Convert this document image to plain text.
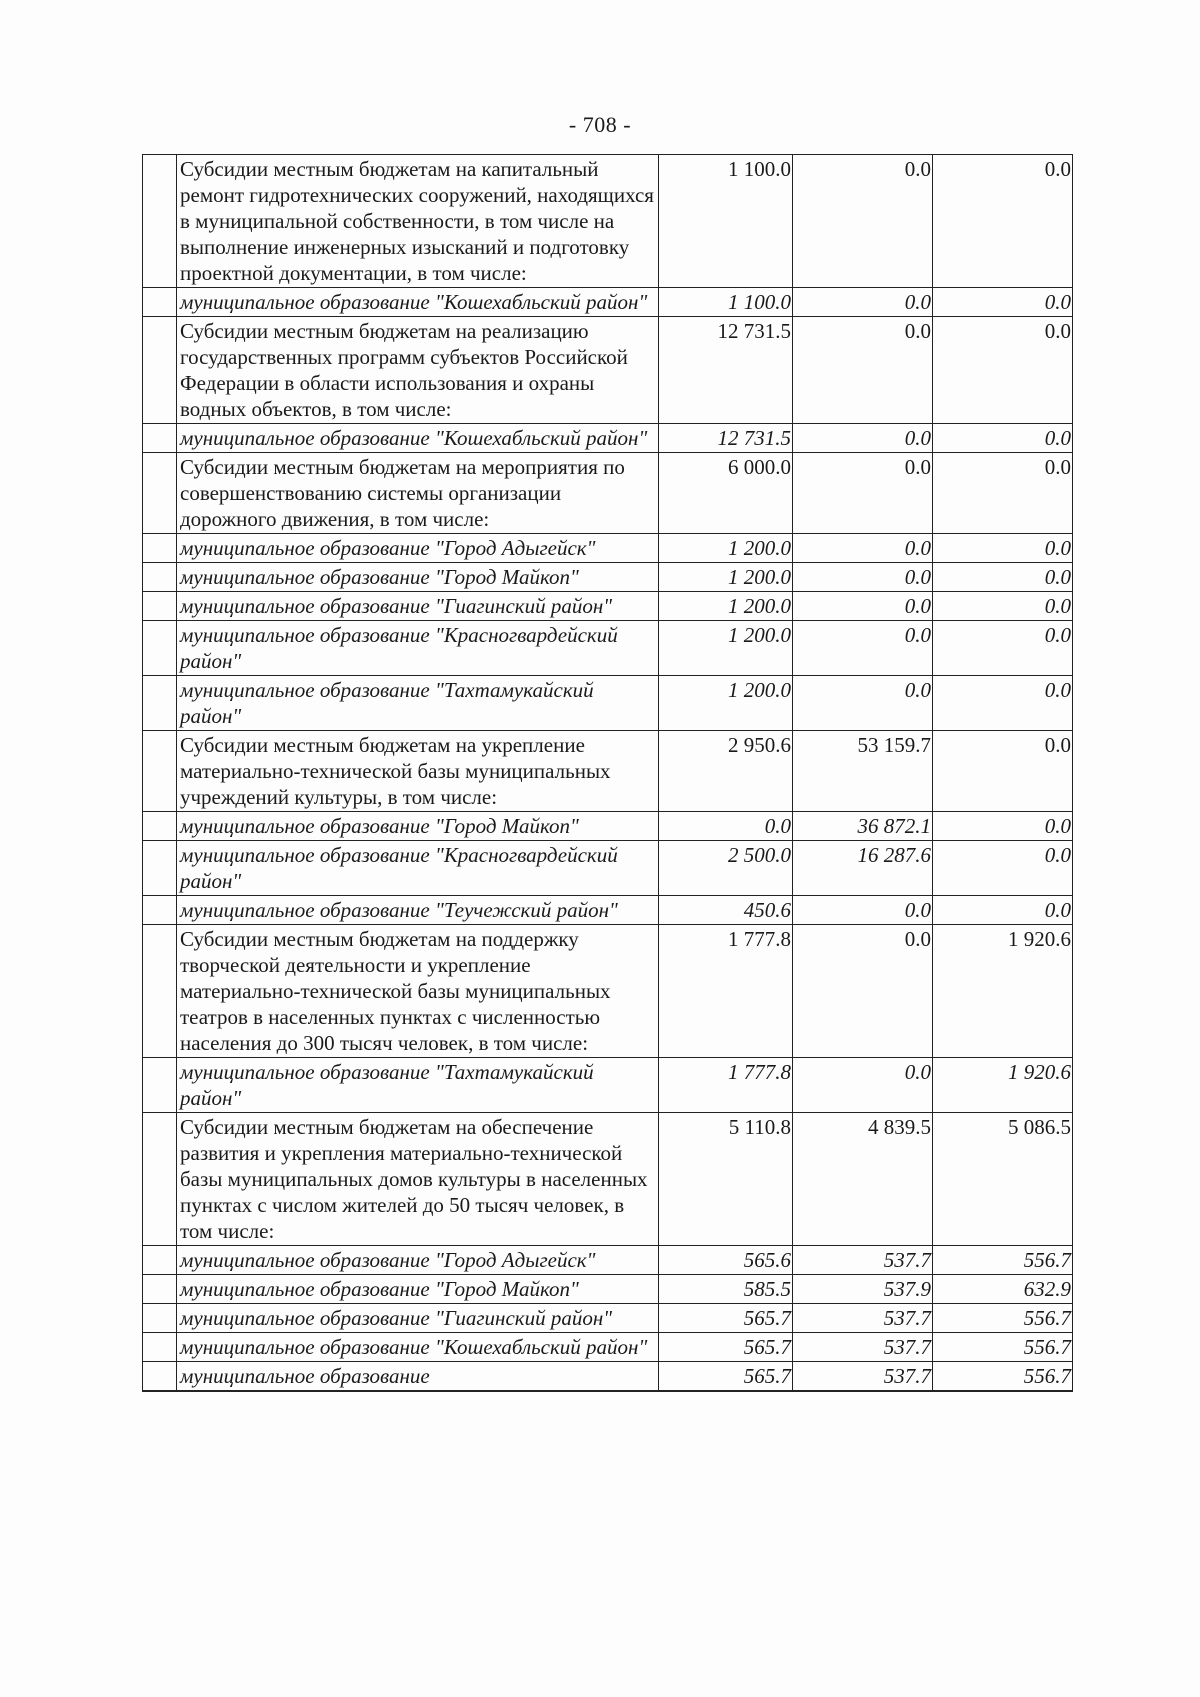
- 708 -
	Субсидии местным бюджетам на капитальный ремонт гидротехнических сооружений, находящихся в муниципальной собственности, в том числе на выполнение инженерных изысканий и подготовку проектной документации, в том числе:	1 100.0	0.0	0.0
	муниципальное образование "Кошехабльский район"	1 100.0	0.0	0.0
	Субсидии местным бюджетам на реализацию государственных программ субъектов Российской Федерации в области использования и охраны водных объектов, в том числе:	12 731.5	0.0	0.0
	муниципальное образование "Кошехабльский район"	12 731.5	0.0	0.0
	Субсидии местным бюджетам на мероприятия по совершенствованию системы организации дорожного движения, в том числе:	6 000.0	0.0	0.0
	муниципальное образование "Город Адыгейск"	1 200.0	0.0	0.0
	муниципальное образование "Город Майкоп"	1 200.0	0.0	0.0
	муниципальное образование "Гиагинский район"	1 200.0	0.0	0.0
	муниципальное образование "Красногвардейский район"	1 200.0	0.0	0.0
	муниципальное образование "Тахтамукайский район"	1 200.0	0.0	0.0
	Субсидии местным бюджетам на укрепление материально-технической базы муниципальных учреждений культуры, в том числе:	2 950.6	53 159.7	0.0
	муниципальное образование "Город Майкоп"	0.0	36 872.1	0.0
	муниципальное образование "Красногвардейский район"	2 500.0	16 287.6	0.0
	муниципальное образование "Теучежский район"	450.6	0.0	0.0
	Субсидии местным бюджетам на поддержку творческой деятельности и укрепление материально-технической базы муниципальных театров в населенных пунктах с численностью населения до 300 тысяч человек, в том числе:	1 777.8	0.0	1 920.6
	муниципальное образование "Тахтамукайский район"	1 777.8	0.0	1 920.6
	Субсидии местным бюджетам на обеспечение развития и укрепления материально-технической базы муниципальных домов культуры в населенных пунктах с числом жителей до 50 тысяч человек, в том числе:	5 110.8	4 839.5	5 086.5
	муниципальное образование "Город Адыгейск"	565.6	537.7	556.7
	муниципальное образование "Город Майкоп"	585.5	537.9	632.9
	муниципальное образование "Гиагинский район"	565.7	537.7	556.7
	муниципальное образование "Кошехабльский район"	565.7	537.7	556.7
	муниципальное образование	565.7	537.7	556.7
